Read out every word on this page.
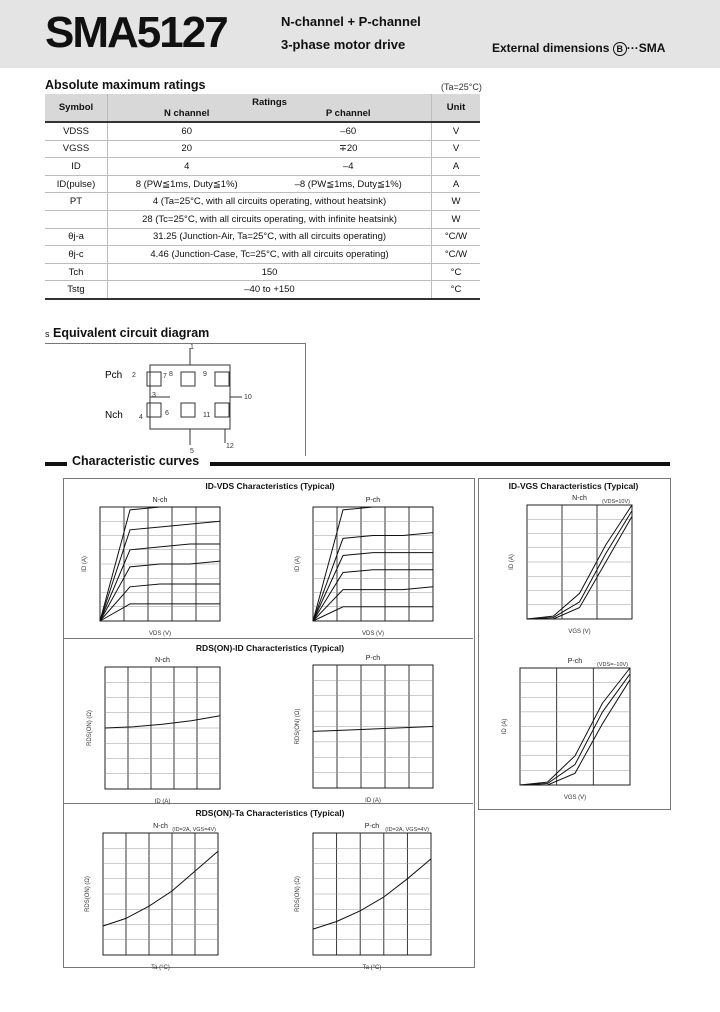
SMA5127	N-channel + P-channel
3-phase motor drive	External dimensions B ···SMA
Absolute maximum ratings	(Ta=25°C)
Symbol	Ratings		Unit
	N channel	P channel	
VDSS	60	–60	V
VGSS	20	∓20	V
ID	4	–4	A
ID(pulse)	8 (PW≦1ms, Duty≦1%)	–8 (PW≦1ms, Duty≦1%)	A
PT	4 (Ta=25°C, with all circuits operating, without heatsink)		W
	28 (Tc=25°C, with all circuits operating, with infinite heatsink)		W
θj-a	31.25 (Junction-Air, Ta=25°C, with all circuits operating)		°C/W
θj-c	4.46 (Junction-Case, Tc=25°C, with all circuits operating)		°C/W
Tch	150		°C
Tstg	–40 to +150		°C
s Equivalent circuit diagram
Pch
Nch
1
2
3
4
5
6
7 8	9
10
11
12
Characteristic curves
ID-VDS Characteristics (Typical)
RDS(ON)-ID Characteristics (Typical)
RDS(ON)-Ta Characteristics (Typical)
ID-VGS Characteristics (Typical)
ID (A)
VDS (V)
N-ch
ID (A)
VDS (V)
P-ch
RDS(ON) (Ω)
ID (A)
N-ch
RDS(ON) (Ω)
ID (A)
P-ch
RDS(ON) (Ω)
Ta (°C)
N-ch (ID=2A, VGS=4V)
RDS(ON) (Ω)
Ta (°C)
P-ch (ID=2A, VGS=4V)
ID (A)
VGS (V)
N-ch	(VDS=10V)
ID (A)
VGS (V)
P-ch	(VDS=–10V)
